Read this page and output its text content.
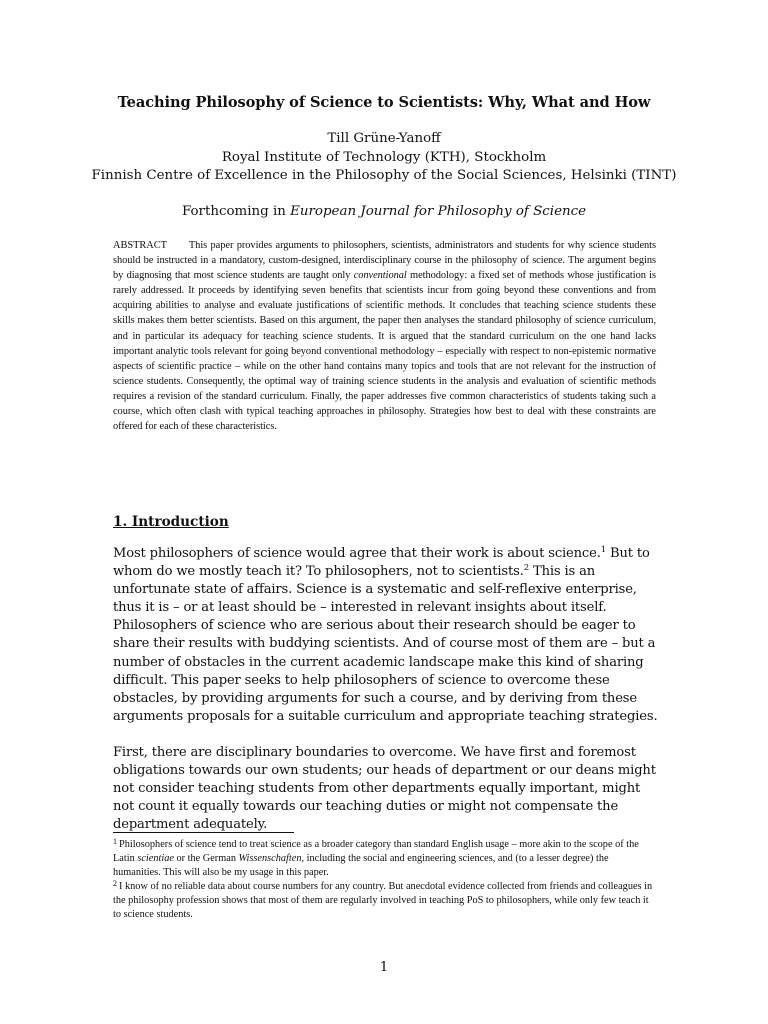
Teaching Philosophy of Science to Scientists: Why, What and How
Till Grüne-Yanoff
Royal Institute of Technology (KTH), Stockholm
Finnish Centre of Excellence in the Philosophy of the Social Sciences, Helsinki (TINT)
Forthcoming in European Journal for Philosophy of Science
ABSTRACT This paper provides arguments to philosophers, scientists, administrators and students for why science students should be instructed in a mandatory, custom-designed, interdisciplinary course in the philosophy of science. The argument begins by diagnosing that most science students are taught only conventional methodology: a fixed set of methods whose justification is rarely addressed. It proceeds by identifying seven benefits that scientists incur from going beyond these conventions and from acquiring abilities to analyse and evaluate justifications of scientific methods. It concludes that teaching science students these skills makes them better scientists. Based on this argument, the paper then analyses the standard philosophy of science curriculum, and in particular its adequacy for teaching science students. It is argued that the standard curriculum on the one hand lacks important analytic tools relevant for going beyond conventional methodology – especially with respect to non-epistemic normative aspects of scientific practice – while on the other hand contains many topics and tools that are not relevant for the instruction of science students. Consequently, the optimal way of training science students in the analysis and evaluation of scientific methods requires a revision of the standard curriculum. Finally, the paper addresses five common characteristics of students taking such a course, which often clash with typical teaching approaches in philosophy. Strategies how best to deal with these constraints are offered for each of these characteristics.
1. Introduction
Most philosophers of science would agree that their work is about science.$^1$ But to whom do we mostly teach it? To philosophers, not to scientists.$^2$ This is an unfortunate state of affairs. Science is a systematic and self-reflexive enterprise, thus it is – or at least should be – interested in relevant insights about itself. Philosophers of science who are serious about their research should be eager to share their results with buddying scientists. And of course most of them are – but a number of obstacles in the current academic landscape make this kind of sharing difficult. This paper seeks to help philosophers of science to overcome these obstacles, by providing arguments for such a course, and by deriving from these arguments proposals for a suitable curriculum and appropriate teaching strategies.
First, there are disciplinary boundaries to overcome. We have first and foremost obligations towards our own students; our heads of department or our deans might not consider teaching students from other departments equally important, might not count it equally towards our teaching duties or might not compensate the department adequately.
$^1$ Philosophers of science tend to treat science as a broader category than standard English usage – more akin to the scope of the Latin scientiae or the German Wissenschaften, including the social and engineering sciences, and (to a lesser degree) the humanities. This will also be my usage in this paper.
$^2$ I know of no reliable data about course numbers for any country. But anecdotal evidence collected from friends and colleagues in the philosophy profession shows that most of them are regularly involved in teaching PoS to philosophers, while only few teach it to science students.
1
